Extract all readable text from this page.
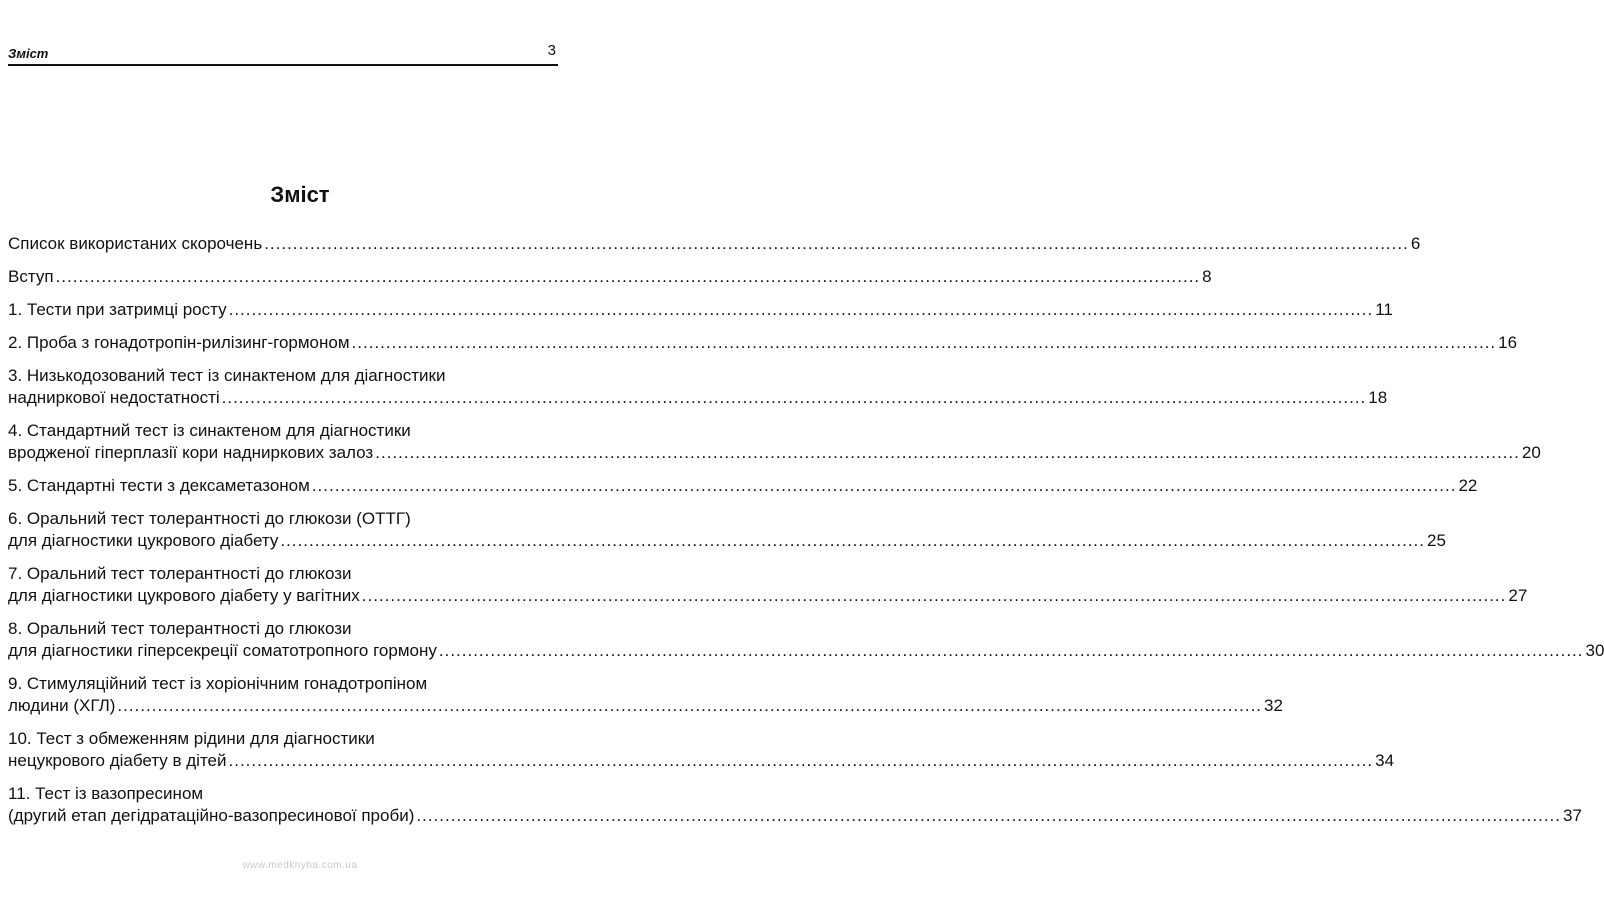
Зміст	3
Зміст
Список використаних скорочень ........................................................................................................................................................................................................ 6
Вступ ........................................................................................................................................................................................................ 8
1. Тести при затримці росту ........................................................................................................................................................................................................ 11
2. Проба з гонадотропін-рилізинг-гормоном ........................................................................................................................................................................................................ 16
3. Низькодозований тест із синактеном для діагностики
наднирковоï недостатності ........................................................................................................................................................................................................ 18
4. Стандартний тест із синактеном для діагностики
вродженої гіперплазії кори надниркових залоз ........................................................................................................................................................................................................ 20
5. Стандартні тести з дексаметазоном ........................................................................................................................................................................................................ 22
6. Оральний тест толерантності до глюкози (ОТТГ)
для діагностики цукрового діабету ........................................................................................................................................................................................................ 25
7. Оральний тест толерантності до глюкози
для діагностики цукрового діабету у вагітних ........................................................................................................................................................................................................ 27
8. Оральний тест толерантності до глюкози
для діагностики гіперсекреції соматотропного гормону ........................................................................................................................................................................................................ 30
9. Стимуляційний тест із хоріонічним гонадотропіном
людини (ХГЛ) ........................................................................................................................................................................................................ 32
10. Тест з обмеженням рідини для діагностики
нецукрового діабету в дітей ........................................................................................................................................................................................................ 34
11. Тест із вазопресином
(другий етап дегідратаційно-вазопресинової проби) ........................................................................................................................................................................................................ 37
www.medknyha.com.ua
